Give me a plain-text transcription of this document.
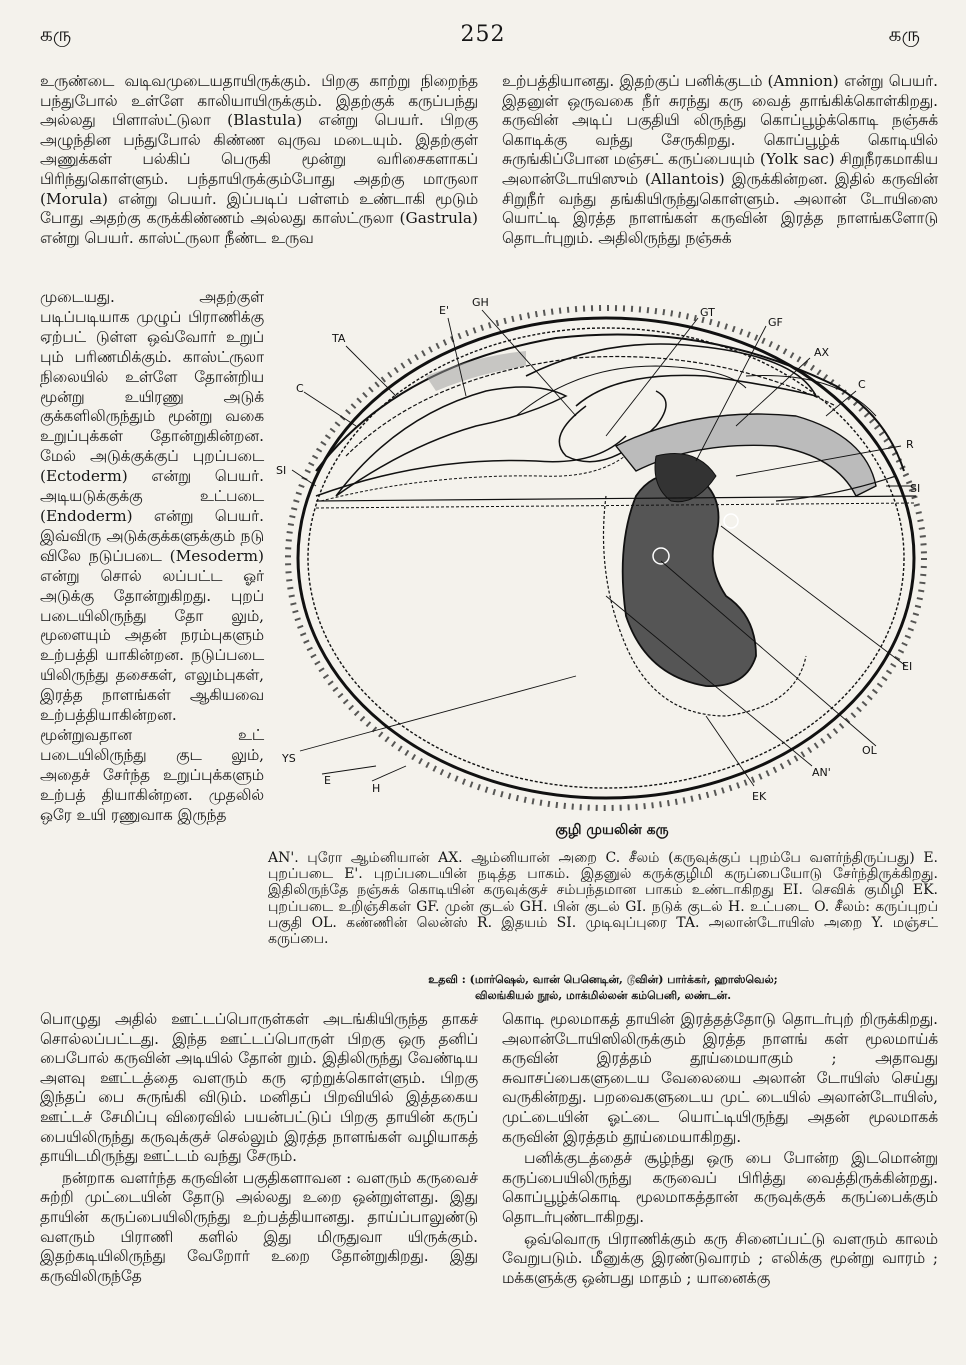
கரு	252	கரு

உருண்டை வடிவமுடையதாயிருக்கும். பிறகு காற்று நிறைந்த பந்துபோல் உள்ளே காலியாயிருக்கும். இதற்குக் கருப்பந்து அல்லது பிளாஸ்ட்டுலா (Blastula) என்று பெயர். பிறகு அழுந்தின பந்துபோல் கிண்ண வுருவ மடையும். இதற்குள் அணுக்கள் பல்கிப் பெருகி மூன்று வரிசைகளாகப் பிரிந்துகொள்ளும். பந்தாயிருக்கும்போது அதற்கு மாருலா (Morula) என்று பெயர். இப்படிப் பள்ளம் உண்டாகி மூடும் போது அதற்கு கருக்கிண்ணம் அல்லது காஸ்ட்ருலா (Gastrula) என்று பெயர். காஸ்ட்ருலா நீண்ட உருவ

உற்பத்தியானது. இதற்குப் பனிக்குடம் (Amnion) என்று பெயர். இதனுள் ஒருவகை நீர் சுரந்து கரு வைத் தாங்கிக்கொள்கிறது. கருவின் அடிப் பகுதியி லிருந்து கொப்பூழ்க்கொடி நஞ்சுக் கொடிக்கு வந்து சேருகிறது. கொப்பூழ்க் கொடியில் சுருங்கிப்போன மஞ்சட் கருப்பையும் (Yolk sac) சிறுநீரகமாகிய அலான்டோயிஸும் (Allantois) இருக்கின்றன. இதில் கருவின் சிறுநீர் வந்து தங்கியிருந்துகொள்ளும். அலான் டோயிஸை யொட்டி இரத்த நாளங்கள் கருவின் இரத்த நாளங்களோடு தொடர்புறும். அதிலிருந்து நஞ்சுக்

முடையது. அதற்குள் படிப்படியாக முழுப் பிராணிக்கு ஏற்பட் டுள்ள ஒவ்வோர் உறுப் பும் பரிணமிக்கும். காஸ்ட்ருலா நிலையில் உள்ளே தோன்றிய மூன்று உயிரணு அடுக் குக்களிலிருந்தும் மூன்று வகை உறுப்புக்கள் தோன்றுகின்றன. மேல் அடுக்குக்குப் புறப்படை (Ectoderm) என்று பெயர். அடியடுக்குக்கு உட்படை (Endoderm) என்று பெயர். இவ்விரு அடுக்குக்களுக்கும் நடு விலே நடுப்படை (Mesoderm) என்று சொல் லப்பட்ட ஓர் அடுக்கு தோன்றுகிறது. புறப் படையிலிருந்து தோ லும், மூளையும் அதன் நரம்புகளும் உற்பத்தி யாகின்றன. நடுப்படை யிலிருந்து தசைகள், எலும்புகள், இரத்த நாளங்கள் ஆகியவை உற்பத்தியாகின்றன. மூன்றுவதான உட் படையிலிருந்து குட லும், அதைச் சேர்ந்த உறுப்புக்களும் உற்பத் தியாகின்றன. முதலில் ஒரே உயி ரணுவாக இருந்த

E'
GH
GT
GF
AX
C
TA
C
SI
R
SI
EI
OL
AN'
EK
YS
E
H
குழி முயலின் கரு
AN'. புரோ ஆம்னியான் AX. ஆம்னியான் அறை C. சீலம் (கருவுக்குப் புறம்பே வளர்ந்திருப்பது) E. புறப்படை E'. புறப்படையின் நடித்த பாகம். இதனுல் கருக்குழிமி கருப்பையோடு சேர்ந்திருக்கிறது. இதிலிருந்தே நஞ்சுக் கொடியின் கருவுக்குச் சம்பந்தமான பாகம் உண்டாகிறது EI. செவிக் குமிழி EK. புறப்படை உறிஞ்சிகள் GF. முன் குடல் GH. பின் குடல் GI. நடுக் குடல் H. உட்படை O. சீலம்: கருப்புறப் பகுதி OL. கண்ணின் லென்ஸ் R. இதயம் SI. முடிவுப்புரை TA. அலான்டோயிஸ் அறை Y. மஞ்சட் கருப்பை.
உதவி : (மார்ஷெல், வான் பெனெடின், டூவின்) பார்க்கர், ஹாஸ்வெல்;
விலங்கியல் நூல், மாக்மில்லன் கம்பெனி, லண்டன்.

பொழுது அதில் ஊட்டப்பொருள்கள் அடங்கியிருந்த தாகச் சொல்லப்பட்டது. இந்த ஊட்டப்பொருள் பிறகு ஒரு தனிப் பைபோல் கருவின் அடியில் தோன் றும். இதிலிருந்து வேண்டிய அளவு ஊட்டத்தை வளரும் கரு ஏற்றுக்கொள்ளும். பிறகு இந்தப் பை சுருங்கி விடும். மனிதப் பிறவியில் இத்தகைய ஊட்டச் சேமிப்பு விரைவில் பயன்பட்டுப் பிறகு தாயின் கருப் பையிலிருந்து கருவுக்குச் செல்லும் இரத்த நாளங்கள் வழியாகத் தாயிடமிருந்து ஊட்டம் வந்து சேரும்.

நன்றாக வளர்ந்த கருவின் பகுதிகளாவன : வளரும் கருவைச் சுற்றி முட்டையின் தோடு அல்லது உறை ஒன்றுள்ளது. இது தாயின் கருப்பையிலிருந்து உற்பத்தியானது. தாய்ப்பாலுண்டு வளரும் பிராணி களில் இது மிருதுவா யிருக்கும். இதற்கடியிலிருந்து வேறோர் உறை தோன்றுகிறது. இது கருவிலிருந்தே

கொடி மூலமாகத் தாயின் இரத்தத்தோடு தொடர்புற் றிருக்கிறது. அலான்டோயிஸிலிருக்கும் இரத்த நாளங் கள் மூலமாய்க் கருவின் இரத்தம் தூய்மையாகும் ; அதாவது சுவாசப்பைகளுடைய வேலையை அலான் டோயிஸ் செய்து வருகின்றது. பறவைகளுடைய முட் டையில் அலான்டோயிஸ், முட்டையின் ஓட்டை யொட்டியிருந்து அதன் மூலமாகக் கருவின் இரத்தம் தூய்மையாகிறது.

பனிக்குடத்தைச் சூழ்ந்து ஒரு பை போன்ற இடமொன்று கருப்பையிலிருந்து கருவைப் பிரித்து வைத்திருக்கின்றது. கொப்பூழ்க்கொடி மூலமாகத்தான் கருவுக்குக் கருப்பைக்கும் தொடர்புண்டாகிறது.

ஒவ்வொரு பிராணிக்கும் கரு சினைப்பட்டு வளரும் காலம் வேறுபடும். மீனுக்கு இரண்டுவாரம் ; எலிக்கு மூன்று வாரம் ; மக்களுக்கு ஒன்பது மாதம் ; யானைக்கு
